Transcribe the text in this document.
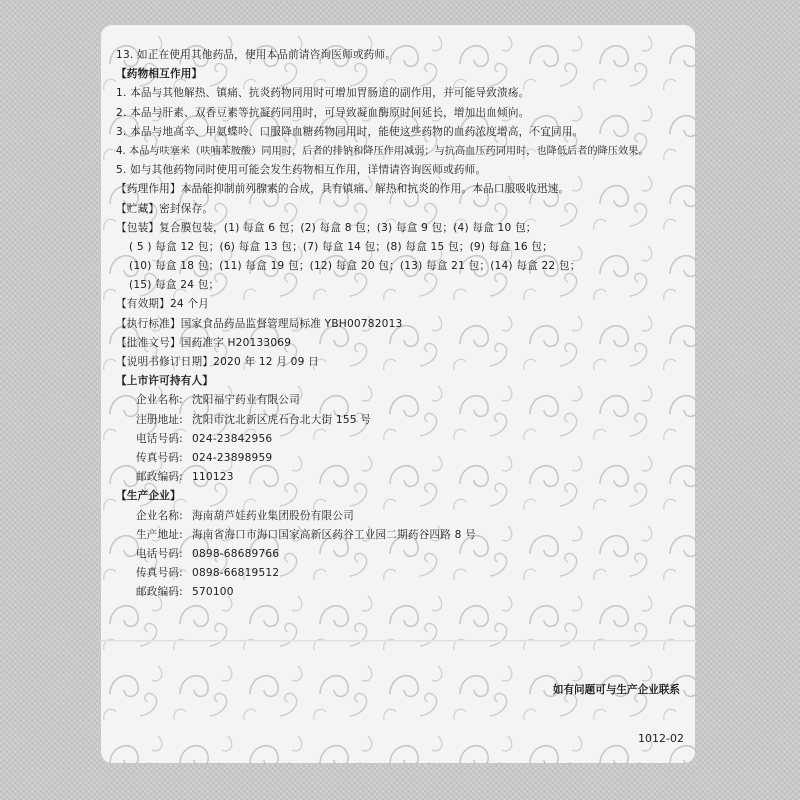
13. 如正在使用其他药品，使用本品前请咨询医师或药师。
【药物相互作用】
1. 本品与其他解热、镇痛、抗炎药物同用时可增加胃肠道的副作用，并可能导致溃疡。
2. 本品与肝素、双香豆素等抗凝药同用时，可导致凝血酶原时间延长，增加出血倾向。
3. 本品与地高辛、甲氨蝶呤、口服降血糖药物同用时，能使这些药物的血药浓度增高，不宜同用。
4. 本品与呋塞米（呋喃苯胺酸）同用时，后者的排钠和降压作用减弱；与抗高血压药同用时，也降低后者的降压效果。
5. 如与其他药物同时使用可能会发生药物相互作用，详情请咨询医师或药师。
【药理作用】本品能抑制前列腺素的合成，具有镇痛、解热和抗炎的作用。本品口服吸收迅速。
【贮藏】密封保存。
【包装】复合膜包装，(1) 每盒 6 包；(2) 每盒 8 包；(3) 每盒 9 包；(4) 每盒 10 包；
( 5 ) 每盒 12 包；(6) 每盒 13 包；(7) 每盒 14 包；(8) 每盒 15 包；(9) 每盒 16 包；
(10) 每盒 18 包；(11) 每盒 19 包；(12) 每盒 20 包；(13) 每盒 21 包；(14) 每盒 22 包；
(15) 每盒 24 包；
【有效期】24 个月
【执行标准】国家食品药品监督管理局标准 YBH00782013
【批准文号】国药准字 H20133069
【说明书修订日期】2020 年 12 月 09 日
【上市许可持有人】
企业名称: 沈阳福宁药业有限公司
注册地址: 沈阳市沈北新区虎石台北大街 155 号
电话号码: 024-23842956
传真号码: 024-23898959
邮政编码: 110123
【生产企业】
企业名称: 海南葫芦娃药业集团股份有限公司
生产地址: 海南省海口市海口国家高新区药谷工业园二期药谷四路 8 号
电话号码: 0898-68689766
传真号码: 0898-66819512
邮政编码: 570100
如有问题可与生产企业联系
1012-02
